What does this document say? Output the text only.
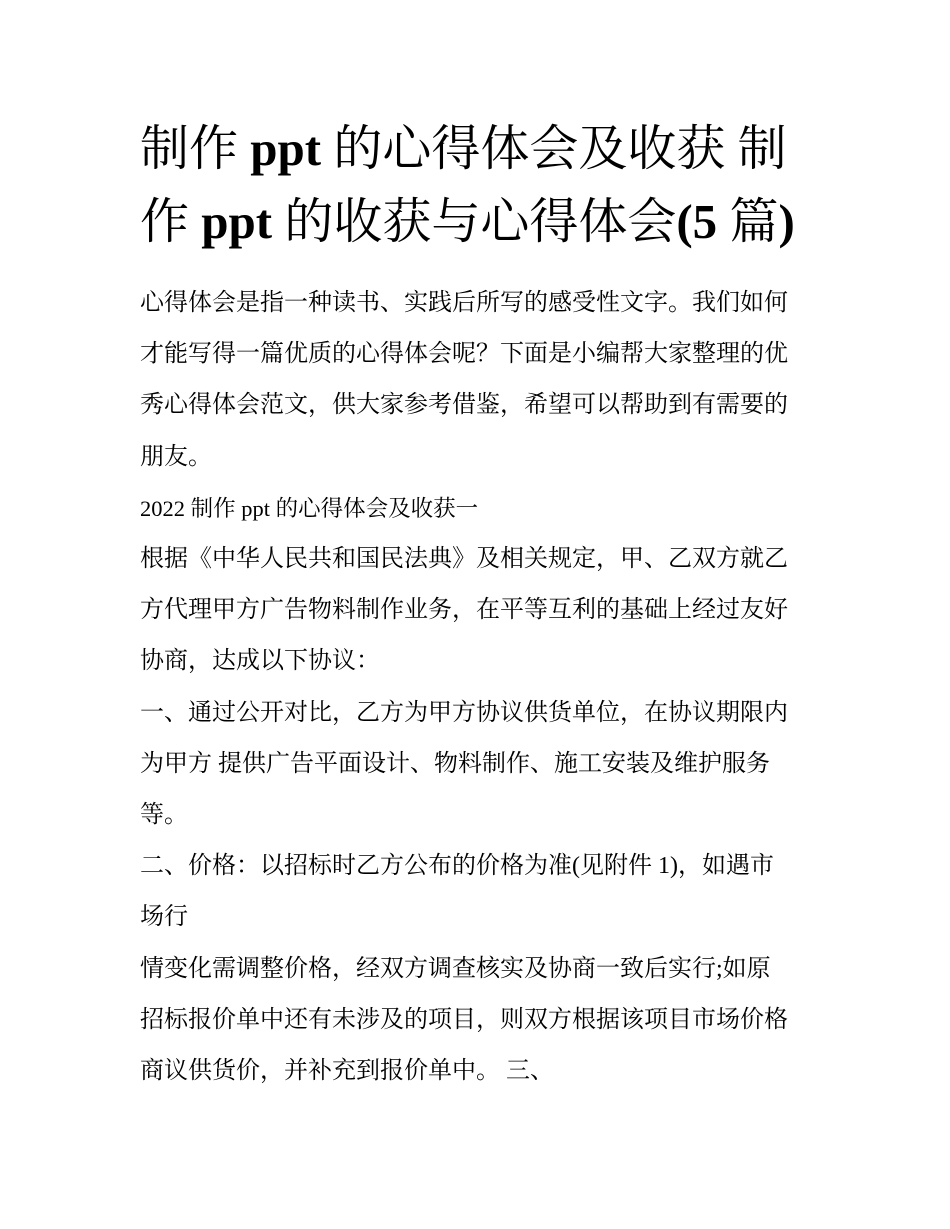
制作 ppt 的心得体会及收获 制
作 ppt 的收获与心得体会(5 篇)

心得体会是指一种读书、实践后所写的感受性文字。我们如何
才能写得一篇优质的心得体会呢？下面是小编帮大家整理的优
秀心得体会范文，供大家参考借鉴，希望可以帮助到有需要的
朋友。

2022 制作 ppt 的心得体会及收获一

根据《中华人民共和国民法典》及相关规定，甲、乙双方就乙
方代理甲方广告物料制作业务，在平等互利的基础上经过友好
协商，达成以下协议：

一、通过公开对比，乙方为甲方协议供货单位，在协议期限内
为甲方 提供广告平面设计、物料制作、施工安装及维护服务
等。

二、价格：以招标时乙方公布的价格为准(见附件 1)，如遇市
场行

情变化需调整价格，经双方调查核实及协商一致后实行;如原
招标报价单中还有未涉及的项目，则双方根据该项目市场价格
商议供货价，并补充到报价单中。 三、
